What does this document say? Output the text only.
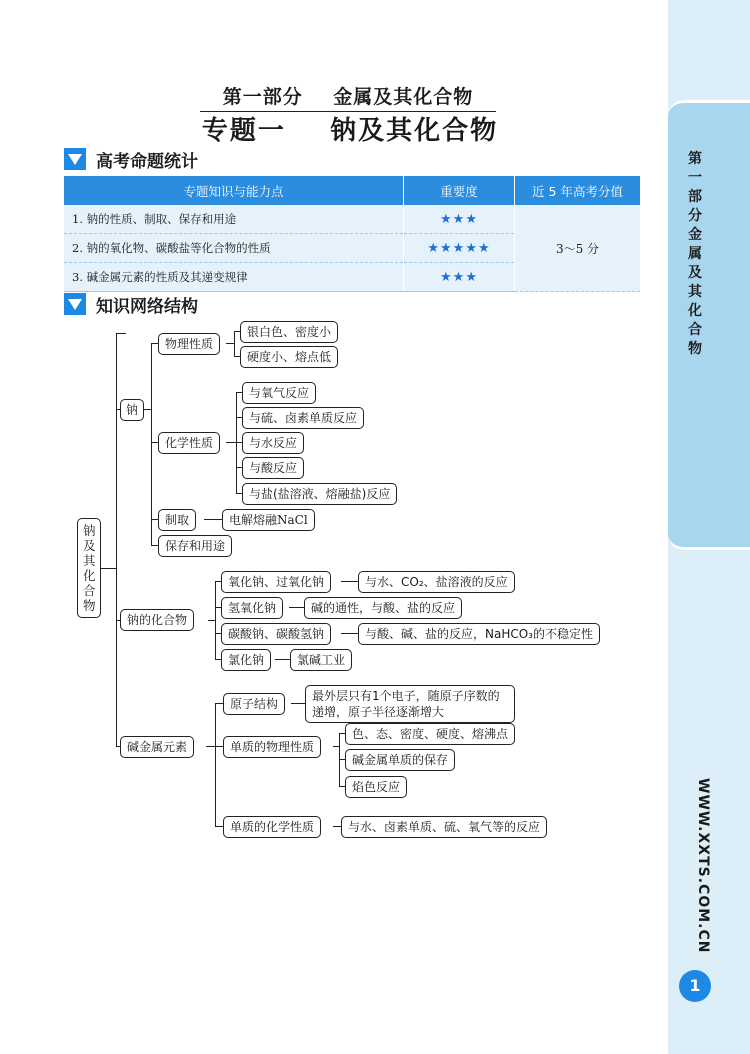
第一部分金属及其化合物
WWW.XXTS.COM.CN
1
第一部分    金属及其化合物
专题一    钠及其化合物
高考命题统计
专题知识与能力点	重要度	近 5 年高考分值
1. 钠的性质、制取、保存和用途	★★★	3～5 分
2. 钠的氧化物、碳酸盐等化合物的性质	★★★★★	
3. 碱金属元素的性质及其递变规律	★★★	
知识网络结构
钠及其化合物
钠
物理性质
银白色、密度小
硬度小、熔点低
化学性质
与氧气反应
与硫、卤素单质反应
与水反应
与酸反应
与盐(盐溶液、熔融盐)反应
制取	电解熔融NaCl
保存和用途
钠的化合物
氧化钠、过氧化钠	与水、CO₂、盐溶液的反应
氢氧化钠	碱的通性，与酸、盐的反应
碳酸钠、碳酸氢钠	与酸、碱、盐的反应，NaHCO₃的不稳定性
氯化钠	氯碱工业
碱金属元素
原子结构
最外层只有1个电子，随原子序数的递增，原子半径逐渐增大
单质的物理性质
色、态、密度、硬度、熔沸点
碱金属单质的保存
焰色反应
单质的化学性质	与水、卤素单质、硫、氧气等的反应
